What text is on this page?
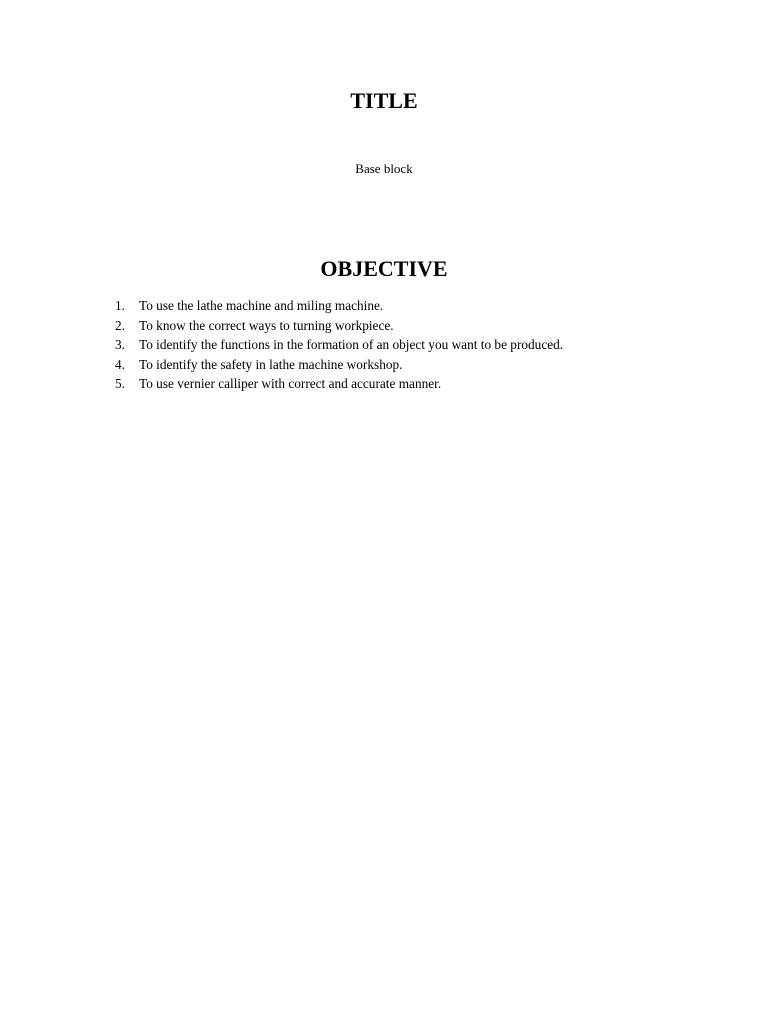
TITLE
Base block
OBJECTIVE
1.	To use the lathe machine and miling machine.
2.	To know the correct ways to turning workpiece.
3.	To identify the functions in the formation of an object you want to be produced.
4.	To identify the safety in lathe machine workshop.
5.	To use vernier calliper with correct and accurate manner.
